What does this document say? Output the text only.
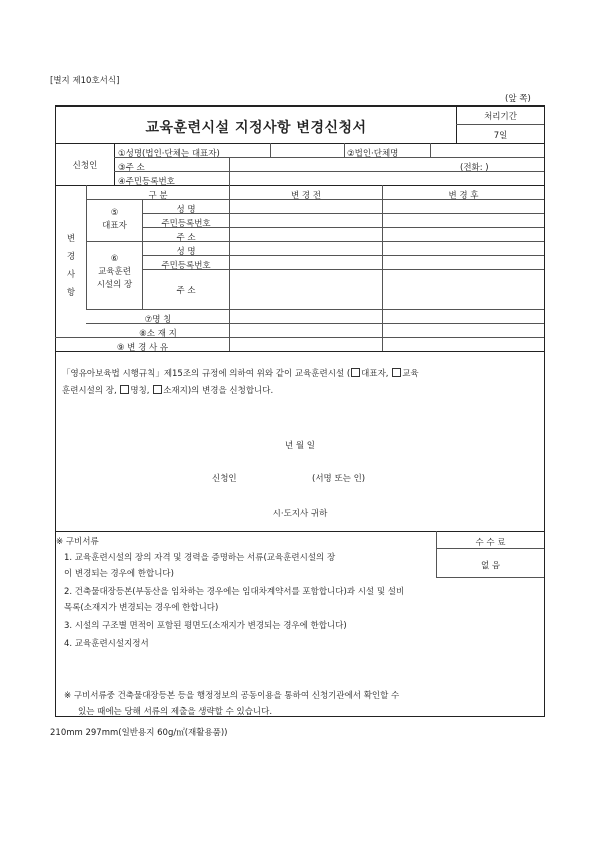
[별지 제10호서식]
(앞 쪽)
교육훈련시설 지정사항 변경신청서
처리기간
7일
신청인
①성명(법인·단체는 대표자)	②법인·단체명
③주 소	(전화: )
④주민등록번호
변
경
사
항
구 분	변 경 전	변 경 후
⑤
대표자
성 명
주민등록번호
주 소
⑥
교육훈련
시설의 장
성 명
주민등록번호
주 소
⑦명 칭
⑧소 재 지
⑨ 변 경 사 유
「영유아보육법 시행규칙」제15조의 규정에 의하여 위와 같이 교육훈련시설 ( 대표자, 교육
훈련시설의 장, 명칭, 소재지)의 변경을 신청합니다.
년 월 일
신청인	(서명 또는 인)
시·도지사 귀하
※ 구비서류
1. 교육훈련시설의 장의 자격 및 경력을 증명하는 서류(교육훈련시설의 장
이 변경되는 경우에 한합니다)
2. 건축물대장등본(부동산을 임차하는 경우에는 임대차계약서를 포함합니다)과 시설 및 설비
목록(소재지가 변경되는 경우에 한합니다)
3. 시설의 구조별 면적이 포함된 평면도(소재지가 변경되는 경우에 한합니다)
4. 교육훈련시설지정서
※ 구비서류중 건축물대장등본 등을 행정정보의 공동이용을 통하여 신청기관에서 확인할 수
있는 때에는 당해 서류의 제출을 생략할 수 있습니다.
수 수 료
없 음
210mm 297mm(일반용지 60g/㎡(재활용품))
